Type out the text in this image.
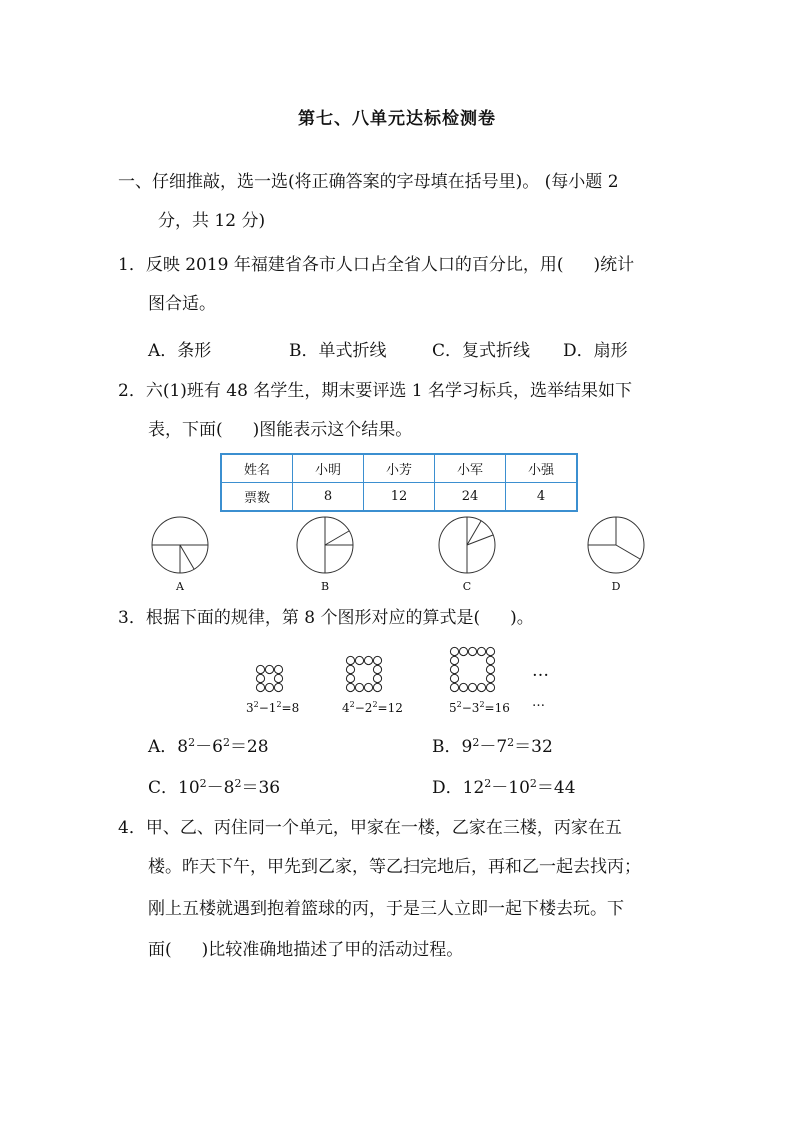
第七、八单元达标检测卷
一、仔细推敲，选一选(将正确答案的字母填在括号里)。 (每小题 2
分，共 12 分)
1．反映 2019 年福建省各市人口占全省人口的百分比，用( )统计
图合适。
A．条形	B．单式折线	C．复式折线 D．扇形
2．六(1)班有 48 名学生，期末要评选 1 名学习标兵，选举结果如下
表，下面( )图能表示这个结果。
姓名	小明	小芳	小军	小强
票数	8	12	24	4
A	B	C	D
3．根据下面的规律，第 8 个图形对应的算式是( )。
…
…
$3^2-1^2=8$	$4^2-2^2=12$	$5^2-3^2=16$
A．$8^2-6^2=28$	B．$9^2-7^2=32$
C．$10^2-8^2=36$	D．$12^2-10^2=44$
4．甲、乙、丙住同一个单元，甲家在一楼，乙家在三楼，丙家在五
楼。昨天下午，甲先到乙家，等乙扫完地后，再和乙一起去找丙；
刚上五楼就遇到抱着篮球的丙，于是三人立即一起下楼去玩。下
面( )比较准确地描述了甲的活动过程。
